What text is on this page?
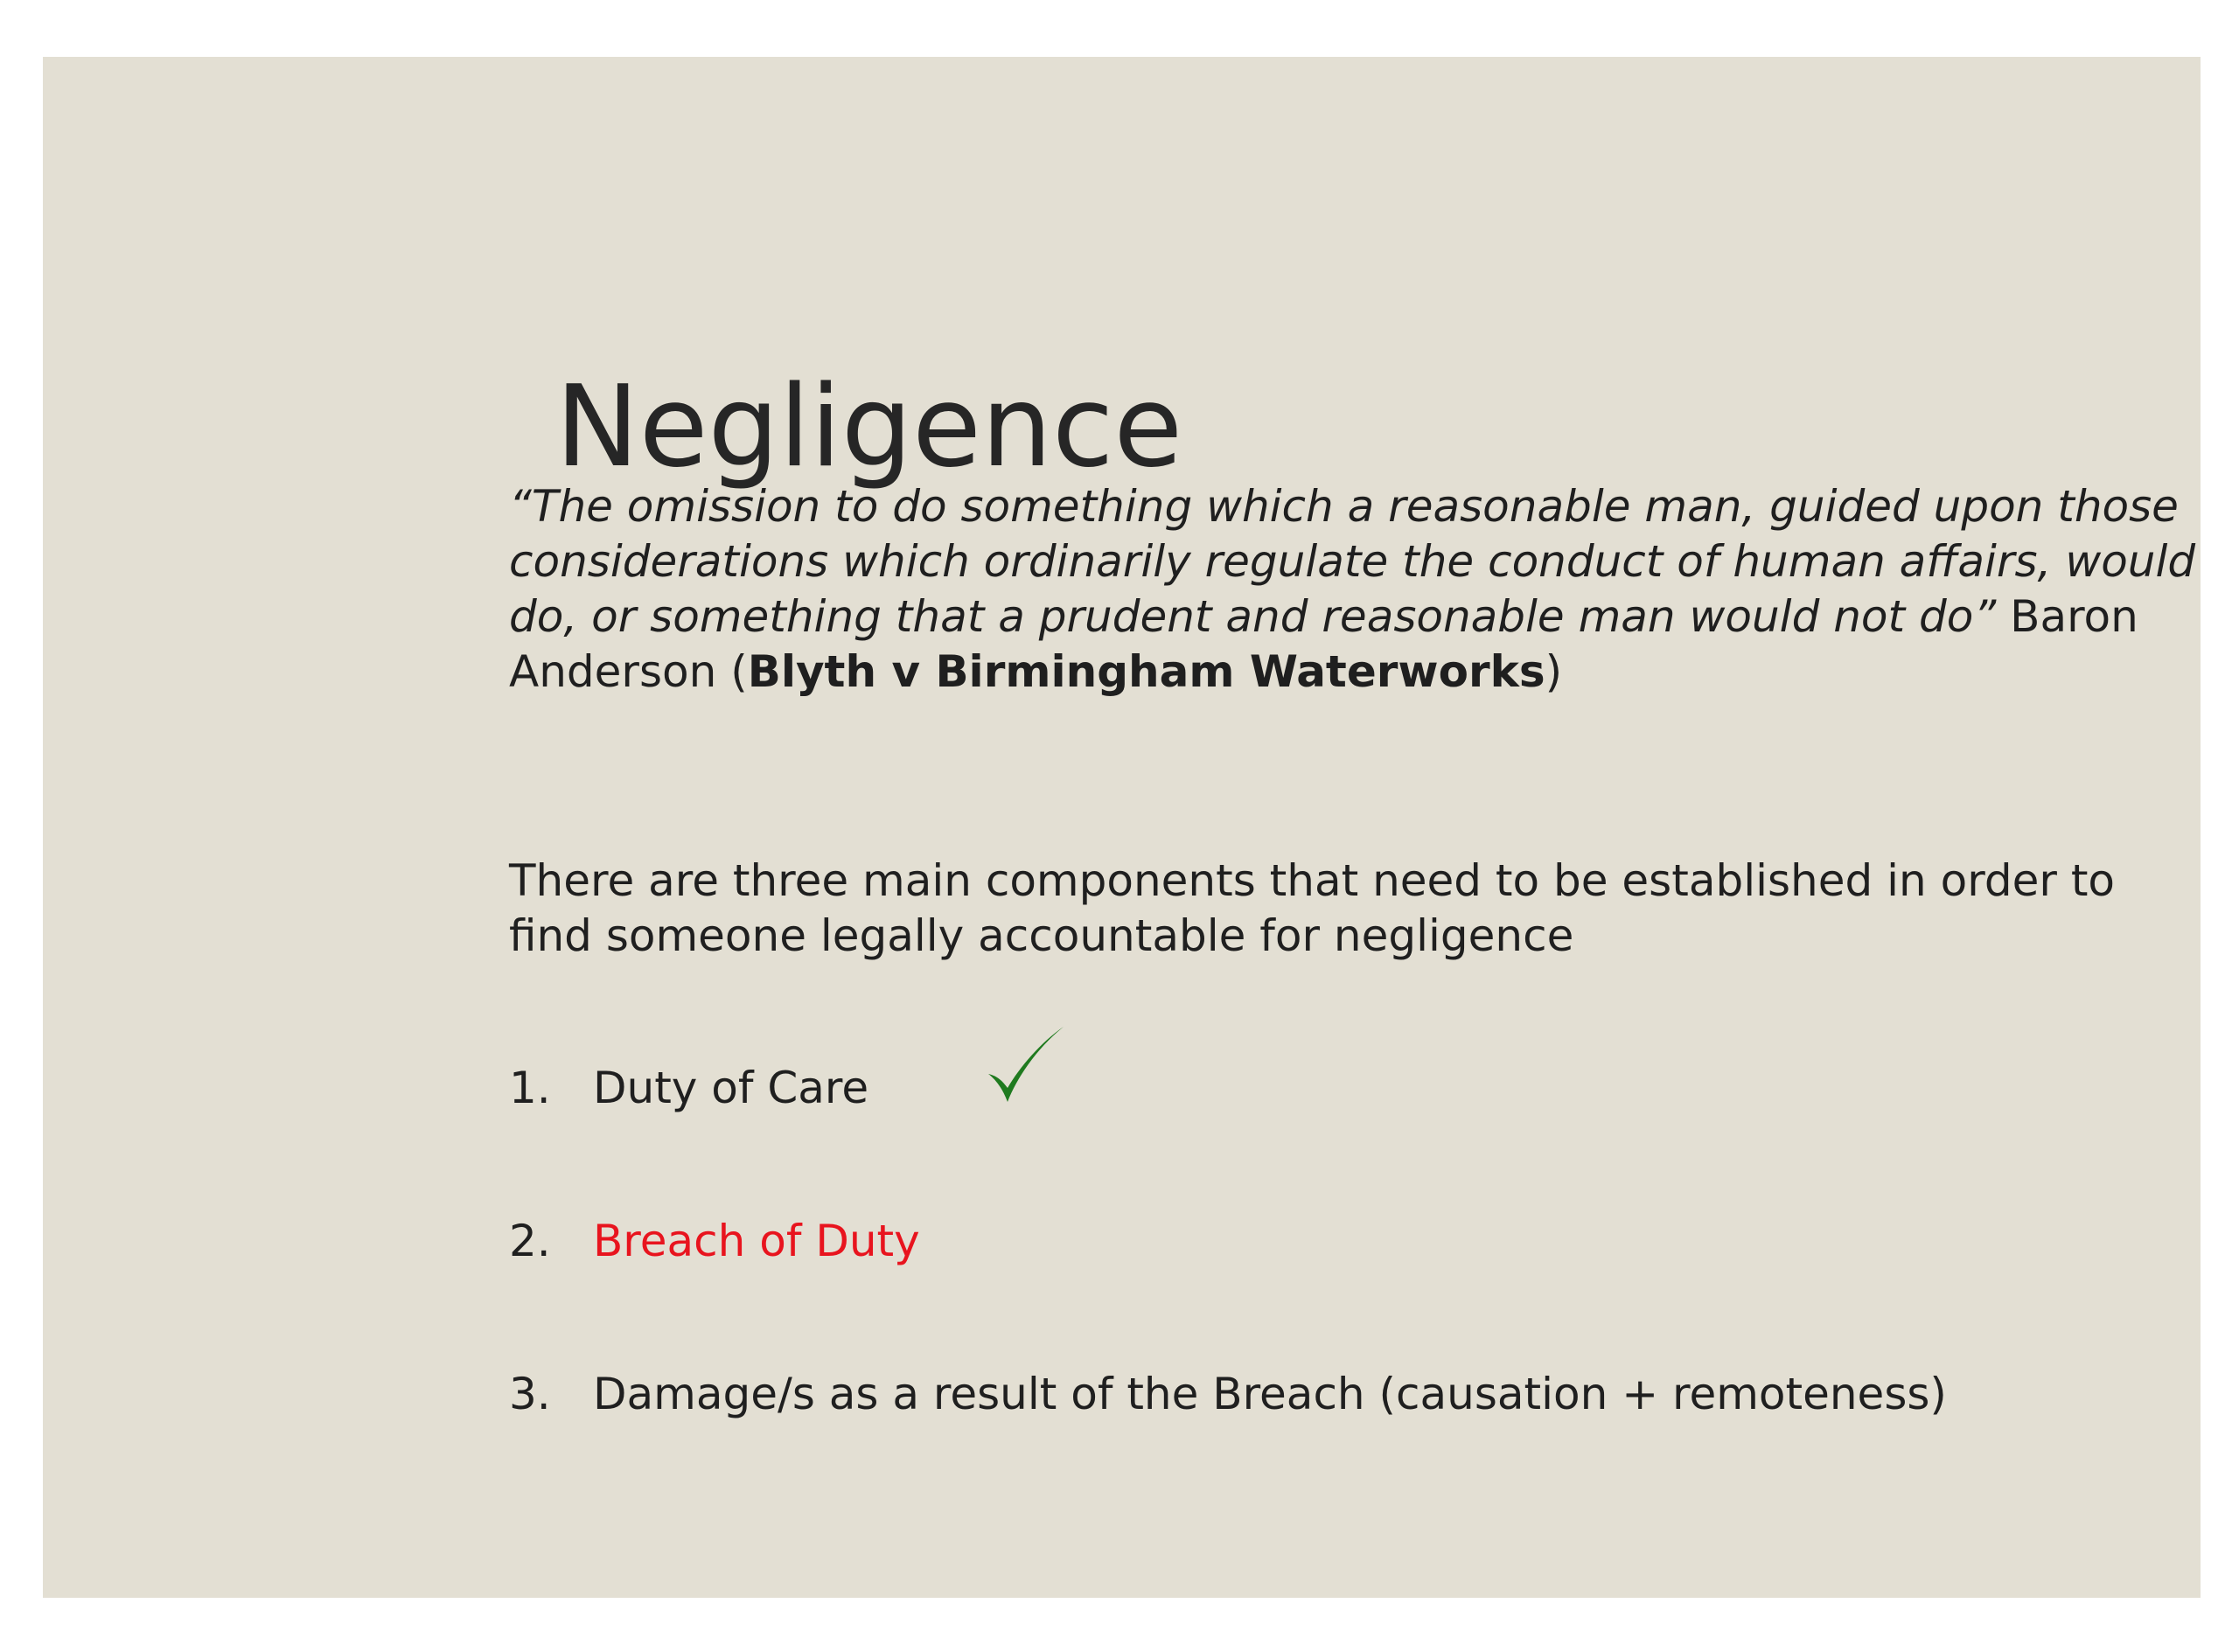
Negligence

“The omission to do something which a reasonable man, guided upon those considerations which ordinarily regulate the conduct of human affairs, would do, or something that a prudent and reasonable man would not do” Baron Anderson (Blyth v Birmingham Waterworks)

There are three main components that need to be established in order to find someone legally accountable for negligence

1. Duty of Care
2. Breach of Duty
3. Damage/s as a result of the Breach (causation + remoteness)
